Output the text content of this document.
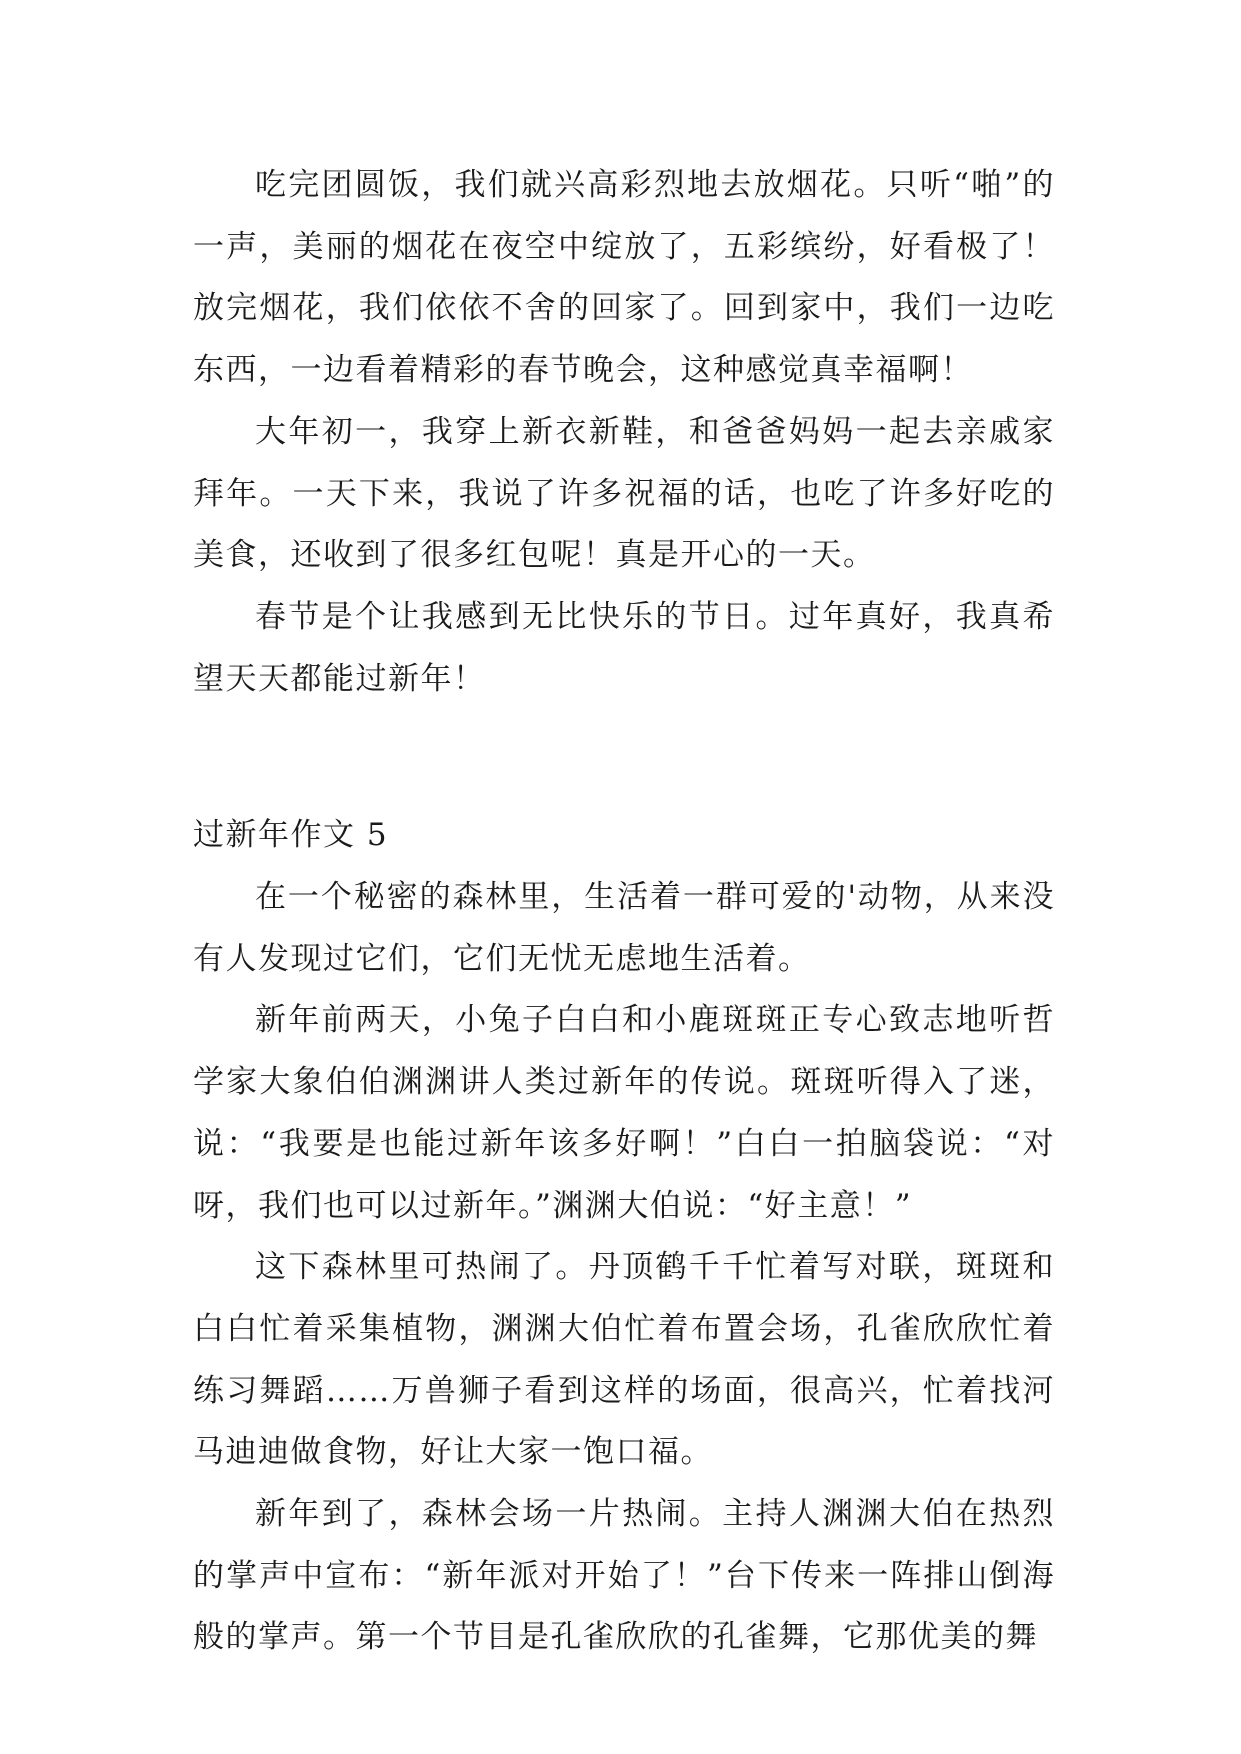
吃完团圆饭，我们就兴高彩烈地去放烟花。只听“啪”的一声，美丽的烟花在夜空中绽放了，五彩缤纷，好看极了！放完烟花，我们依依不舍的回家了。回到家中，我们一边吃东西，一边看着精彩的春节晚会，这种感觉真幸福啊！

大年初一，我穿上新衣新鞋，和爸爸妈妈一起去亲戚家拜年。一天下来，我说了许多祝福的话，也吃了许多好吃的美食，还收到了很多红包呢！真是开心的一天。

春节是个让我感到无比快乐的节日。过年真好，我真希望天天都能过新年！

过新年作文 5

在一个秘密的森林里，生活着一群可爱的'动物，从来没有人发现过它们，它们无忧无虑地生活着。

新年前两天，小兔子白白和小鹿斑斑正专心致志地听哲学家大象伯伯渊渊讲人类过新年的传说。斑斑听得入了迷，说：“我要是也能过新年该多好啊！”白白一拍脑袋说：“对呀，我们也可以过新年。”渊渊大伯说：“好主意！”

这下森林里可热闹了。丹顶鹤千千忙着写对联，斑斑和白白忙着采集植物，渊渊大伯忙着布置会场，孔雀欣欣忙着练习舞蹈……万兽狮子看到这样的场面，很高兴，忙着找河马迪迪做食物，好让大家一饱口福。

新年到了，森林会场一片热闹。主持人渊渊大伯在热烈的掌声中宣布：“新年派对开始了！”台下传来一阵排山倒海般的掌声。第一个节目是孔雀欣欣的孔雀舞，它那优美的舞
